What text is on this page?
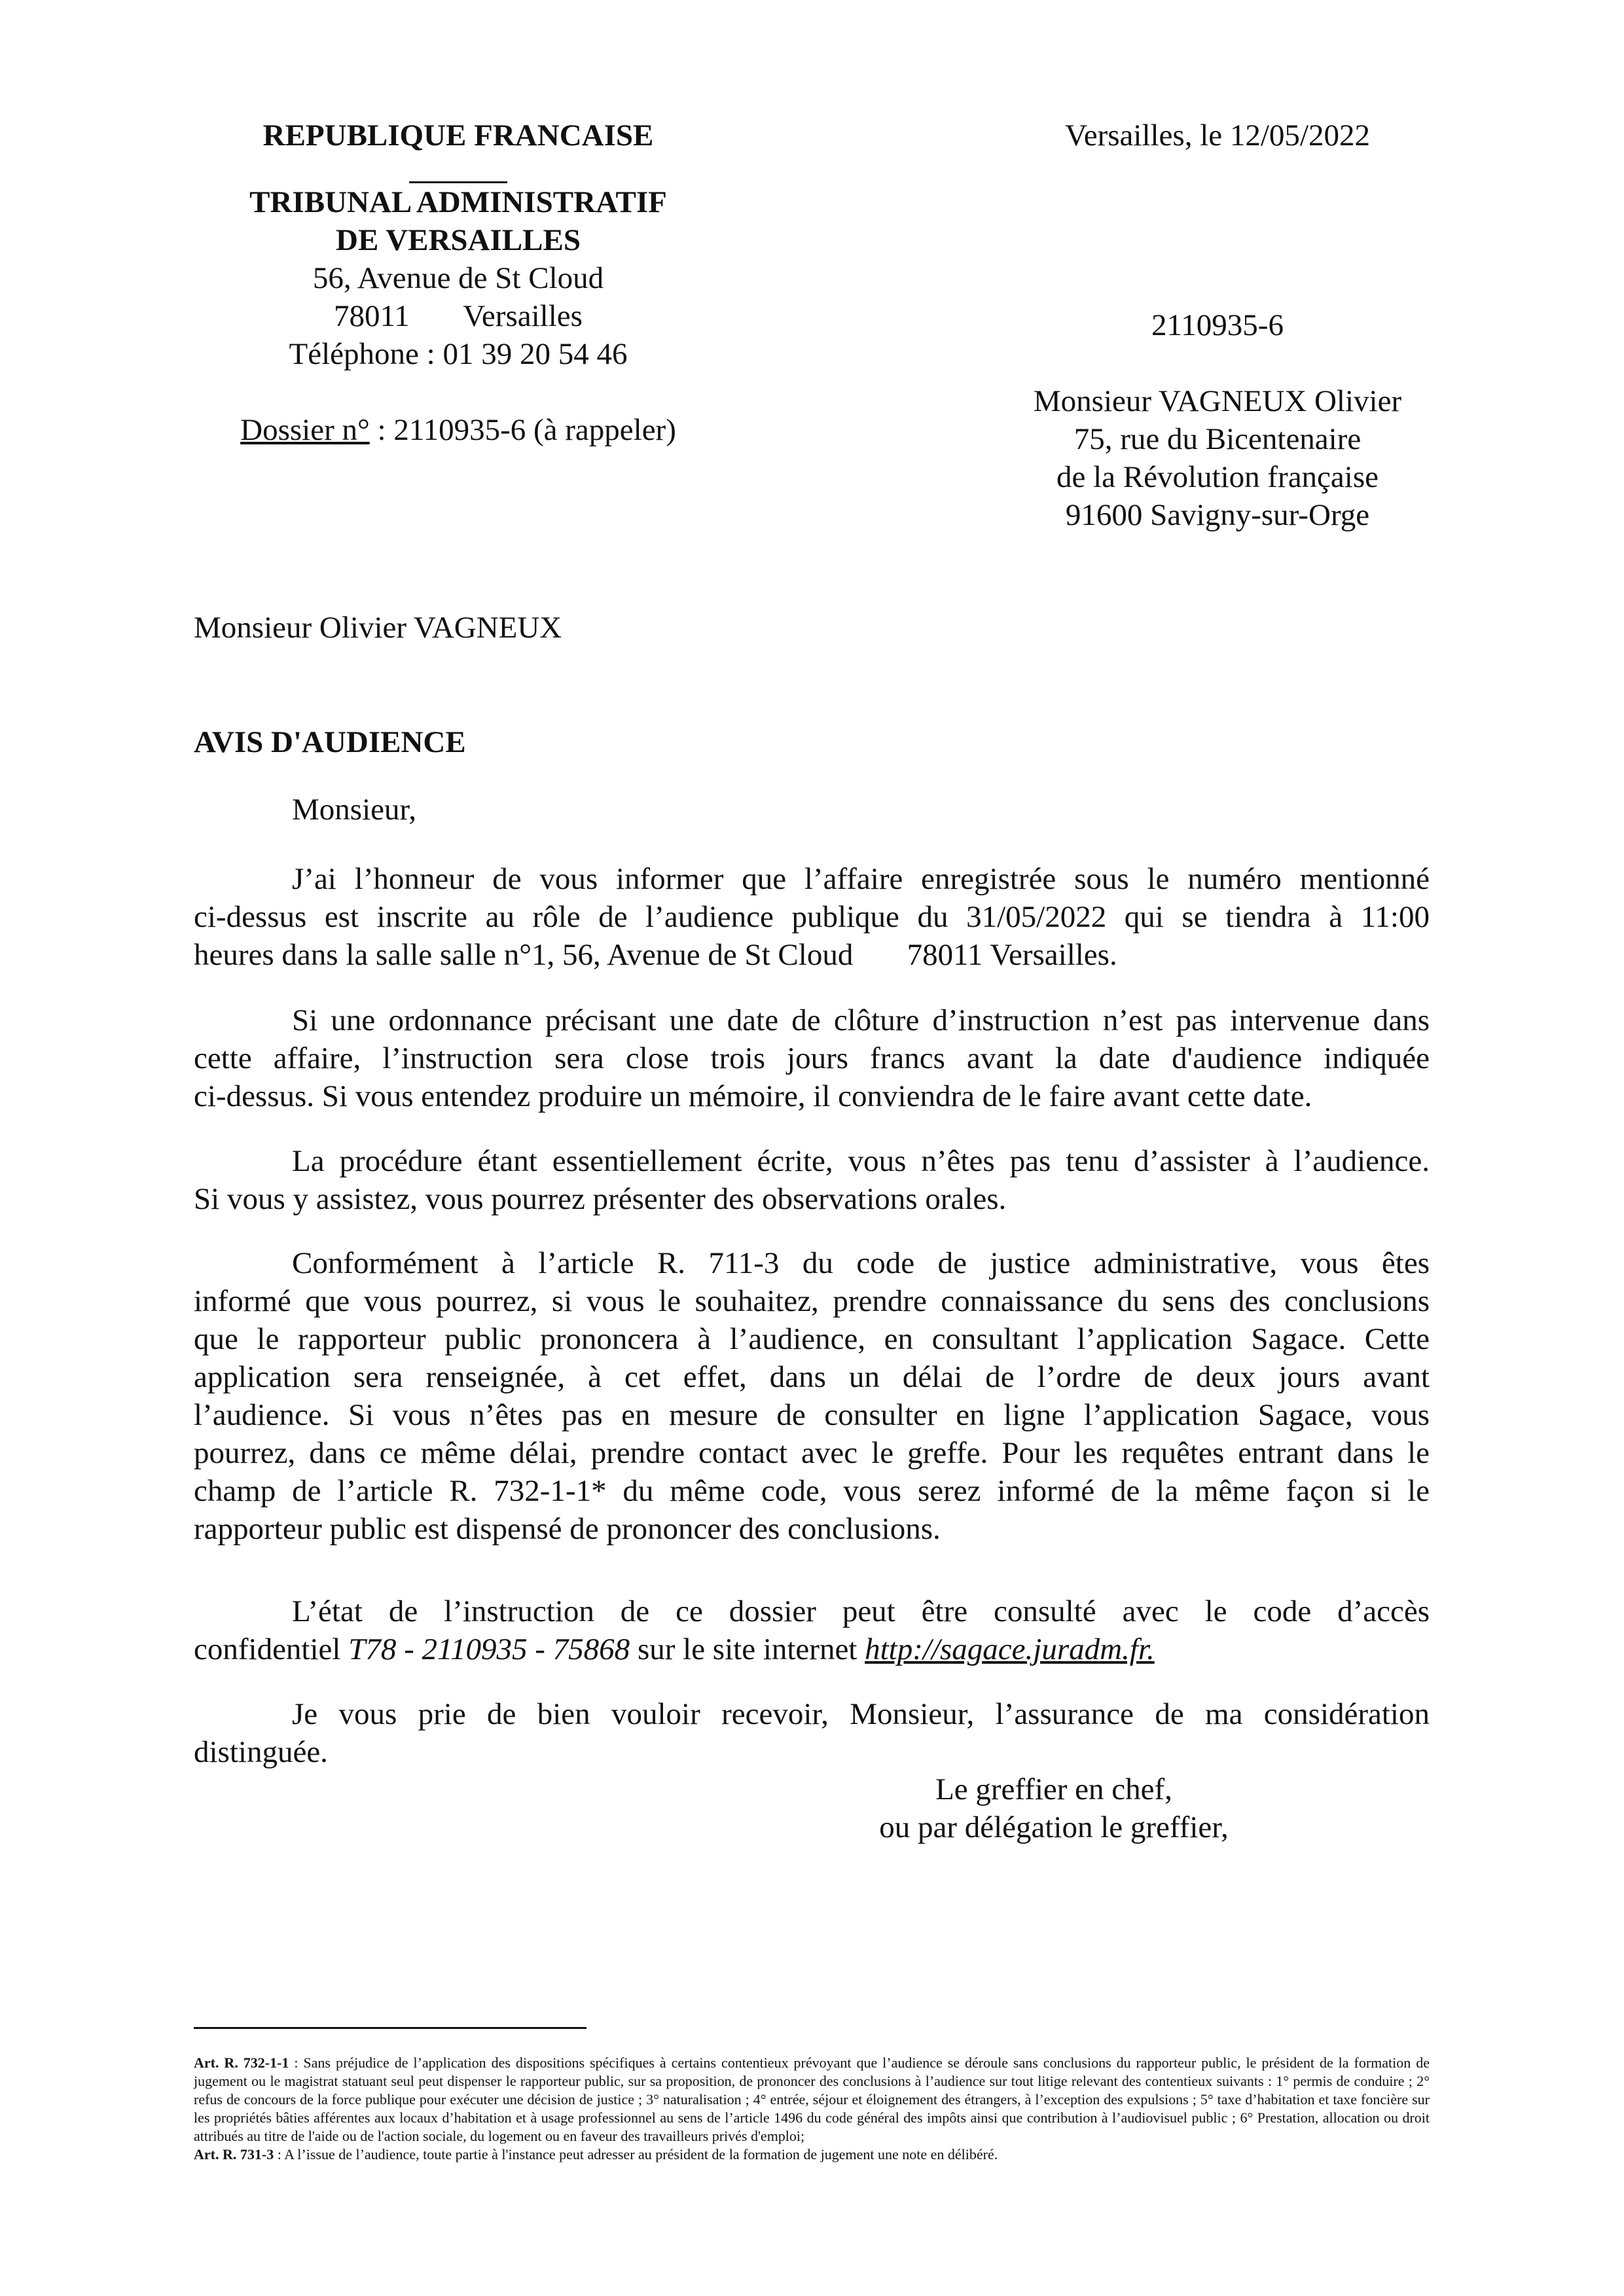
REPUBLIQUE FRANCAISE
TRIBUNAL ADMINISTRATIF
DE VERSAILLES
56, Avenue de St Cloud
78011       Versailles
Téléphone : 01 39 20 54 46
Dossier n° : 2110935-6 (à rappeler)
Versailles, le 12/05/2022
2110935-6
Monsieur VAGNEUX Olivier
75, rue du Bicentenaire
de la Révolution française
91600 Savigny-sur-Orge
Monsieur Olivier VAGNEUX
AVIS D'AUDIENCE
Monsieur,
J’ai l’honneur de vous informer que l’affaire enregistrée sous le numéro mentionné
ci-dessus est inscrite au rôle de l’audience publique du 31/05/2022 qui se tiendra à 11:00
heures dans la salle salle n°1, 56, Avenue de St Cloud       78011 Versailles.
Si une ordonnance précisant une date de clôture d’instruction n’est pas intervenue dans
cette affaire, l’instruction sera close trois jours francs avant la date d'audience indiquée
ci-dessus. Si vous entendez produire un mémoire, il conviendra de le faire avant cette date.
La procédure étant essentiellement écrite, vous n’êtes pas tenu d’assister à l’audience.
Si vous y assistez, vous pourrez présenter des observations orales.
Conformément à l’article R. 711-3 du code de justice administrative, vous êtes
informé que vous pourrez, si vous le souhaitez, prendre connaissance du sens des conclusions
que le rapporteur public prononcera à l’audience, en consultant l’application Sagace. Cette
application sera renseignée, à cet effet, dans un délai de l’ordre de deux jours avant
l’audience. Si vous n’êtes pas en mesure de consulter en ligne l’application Sagace, vous
pourrez, dans ce même délai, prendre contact avec le greffe. Pour les requêtes entrant dans le
champ de l’article R. 732-1-1* du même code, vous serez informé de la même façon si le
rapporteur public est dispensé de prononcer des conclusions.
L’état de l’instruction de ce dossier peut être consulté avec le code d’accès
confidentiel T78 - 2110935 - 75868 sur le site internet http://sagace.juradm.fr.
Je vous prie de bien vouloir recevoir, Monsieur, l’assurance de ma considération
distinguée.
Le greffier en chef,
ou par délégation le greffier,
Art. R. 732-1-1 : Sans préjudice de l’application des dispositions spécifiques à certains contentieux prévoyant que l’audience se déroule sans conclusions du rapporteur public, le président de la formation de jugement ou le magistrat statuant seul peut dispenser le rapporteur public, sur sa proposition, de prononcer des conclusions à l’audience sur tout litige relevant des contentieux suivants : 1° permis de conduire ; 2° refus de concours de la force publique pour exécuter une décision de justice ; 3° naturalisation ; 4° entrée, séjour et éloignement des étrangers, à l’exception des expulsions ; 5° taxe d’habitation et taxe foncière sur les propriétés bâties afférentes aux locaux d’habitation et à usage professionnel au sens de l’article 1496 du code général des impôts ainsi que contribution à l’audiovisuel public ; 6° Prestation, allocation ou droit attribués au titre de l'aide ou de l'action sociale, du logement ou en faveur des travailleurs privés d'emploi;
Art. R. 731-3 : A l’issue de l’audience, toute partie à l'instance peut adresser au président de la formation de jugement une note en délibéré.
